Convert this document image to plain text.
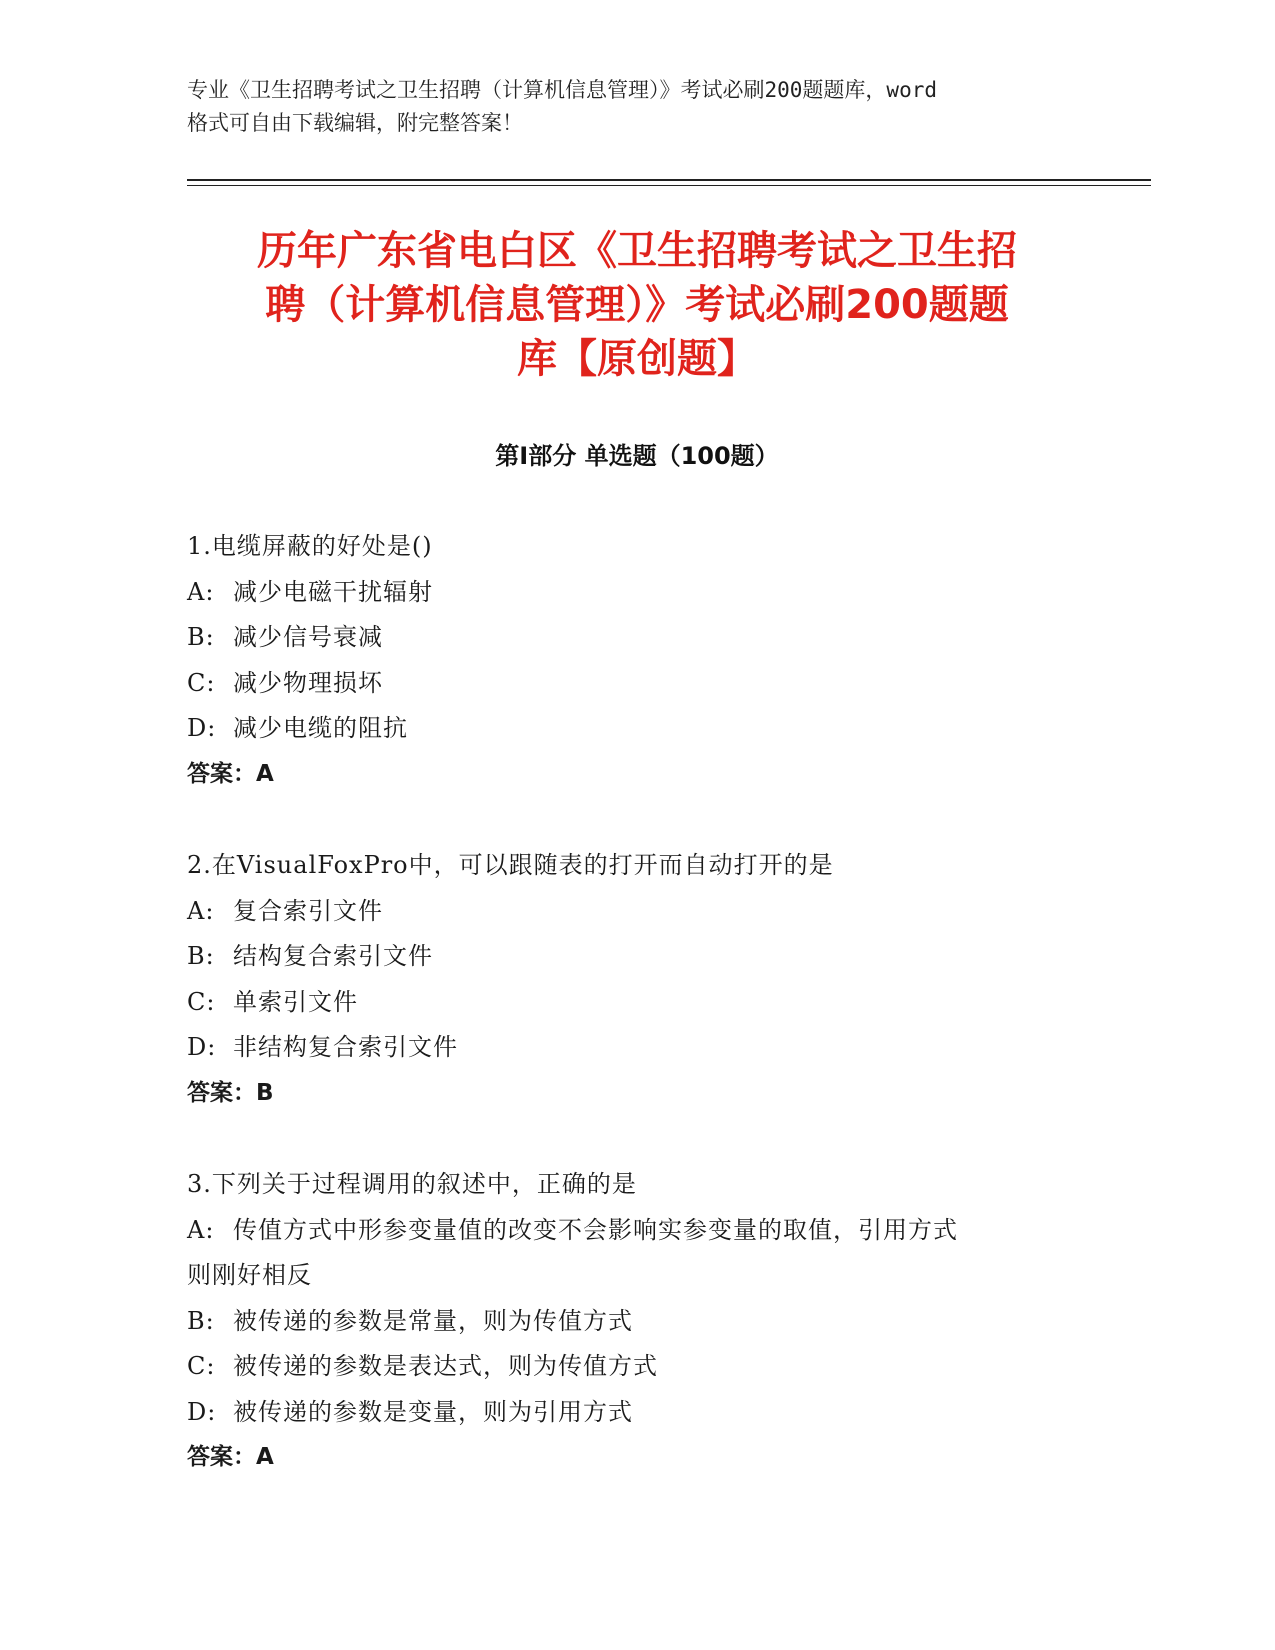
专业《卫生招聘考试之卫生招聘（计算机信息管理）》考试必刷200题题库，word
格式可自由下载编辑，附完整答案！
历年广东省电白区《卫生招聘考试之卫生招
聘（计算机信息管理）》考试必刷200题题
库【原创题】
第I部分 单选题（100题）
1.电缆屏蔽的好处是()
A: 减少电磁干扰辐射
B: 减少信号衰减
C: 减少物理损坏
D: 减少电缆的阻抗
答案：A
2.在VisualFoxPro中，可以跟随表的打开而自动打开的是
A: 复合索引文件
B: 结构复合索引文件
C: 单索引文件
D: 非结构复合索引文件
答案：B
3.下列关于过程调用的叙述中，正确的是
A: 传值方式中形参变量值的改变不会影响实参变量的取值，引用方式
则刚好相反
B: 被传递的参数是常量，则为传值方式
C: 被传递的参数是表达式，则为传值方式
D: 被传递的参数是变量，则为引用方式
答案：A
